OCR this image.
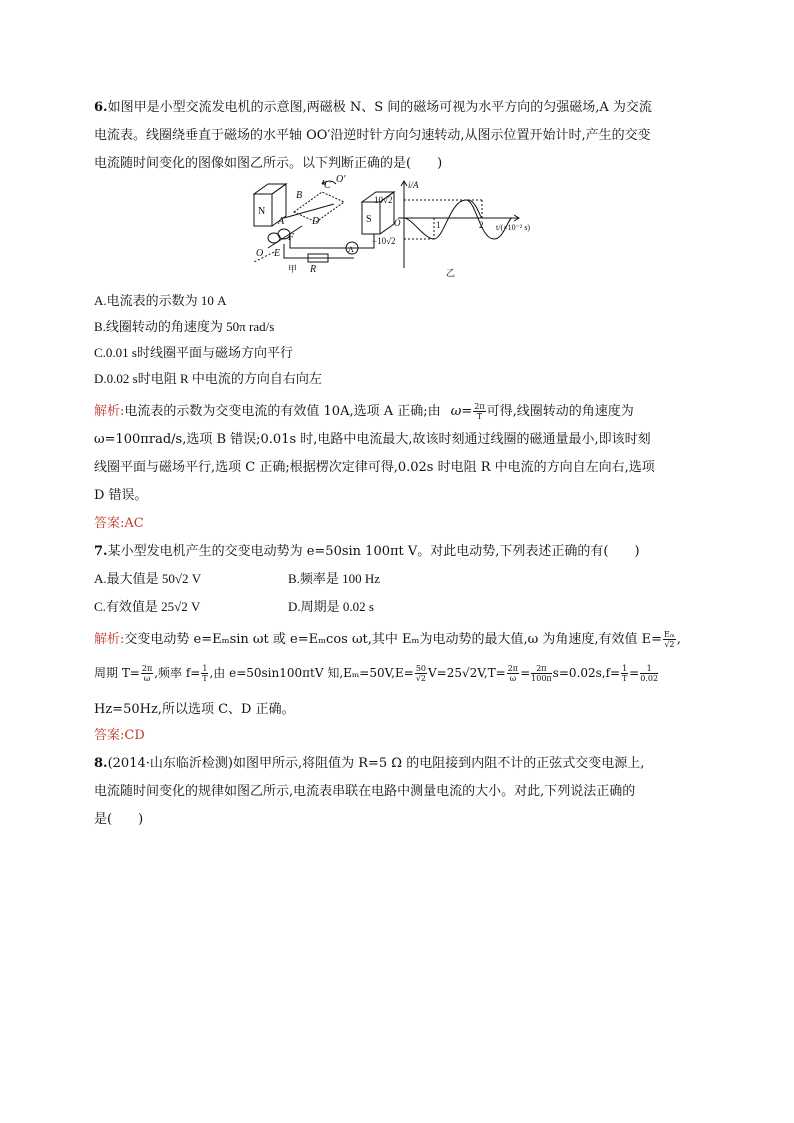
6.如图甲是小型交流发电机的示意图,两磁极 N、S 间的磁场可视为水平方向的匀强磁场,A 为交流
电流表。线圈绕垂直于磁场的水平轴 OO′沿逆时针方向匀速转动,从图示位置开始计时,产生的交变
电流随时间变化的图像如图乙所示。以下判断正确的是(　　)
N
S
B
C
O′
D
A
F
E
O
R
A
甲
i/A
10√2
O
−10√2
1	2 t/(×10⁻² s)
乙
A.电流表的示数为 10 A
B.线圈转动的角速度为 50π rad/s
C.0.01 s时线圈平面与磁场方向平行
D.0.02 s时电阻 R 中电流的方向自右向左
解析:电流表的示数为交变电流的有效值 10A,选项 A 正确;由 $\omega= \frac{2\pi}{T}$ 可得,线圈转动的角速度为
ω=100πrad/s,选项 B 错误;0.01s 时,电路中电流最大,故该时刻通过线圈的磁通量最小,即该时刻
线圈平面与磁场平行,选项 C 正确;根据楞次定律可得,0.02s 时电阻 R 中电流的方向自左向右,选项
D 错误。
答案:AC
7.某小型发电机产生的交变电动势为 e=50sin 100πt V。对此电动势,下列表述正确的有(　　)
A.最大值是 50√2 V	B.频率是 100 Hz
C.有效值是 25√2 V	D.周期是 0.02 s
解析:交变电动势 e=Eₘsin ωt 或 e=Eₘcos ωt,其中 Eₘ为电动势的最大值,ω 为角速度,有效值 $E= \frac{\text{Eₘ}}{√2}$ ,
周期 $T= \frac{2\pi}{\omega}$ ,频率 $f= \frac{1}{T}$ ,由 e=50sin100πtV 知$,E_m=50V,E= \frac{50}{√2} V=25√2V,T= \frac{2\pi}{\omega} = \frac{2\pi}{100\pi} s=0.02s,f= \frac{1}{T} = \frac{1}{0.02}$
Hz=50Hz,所以选项 C、D 正确。
答案:CD
8.(2014·山东临沂检测)如图甲所示,将阻值为 R=5 Ω 的电阻接到内阻不计的正弦式交变电源上,
电流随时间变化的规律如图乙所示,电流表串联在电路中测量电流的大小。对此,下列说法正确的
是(　　)
